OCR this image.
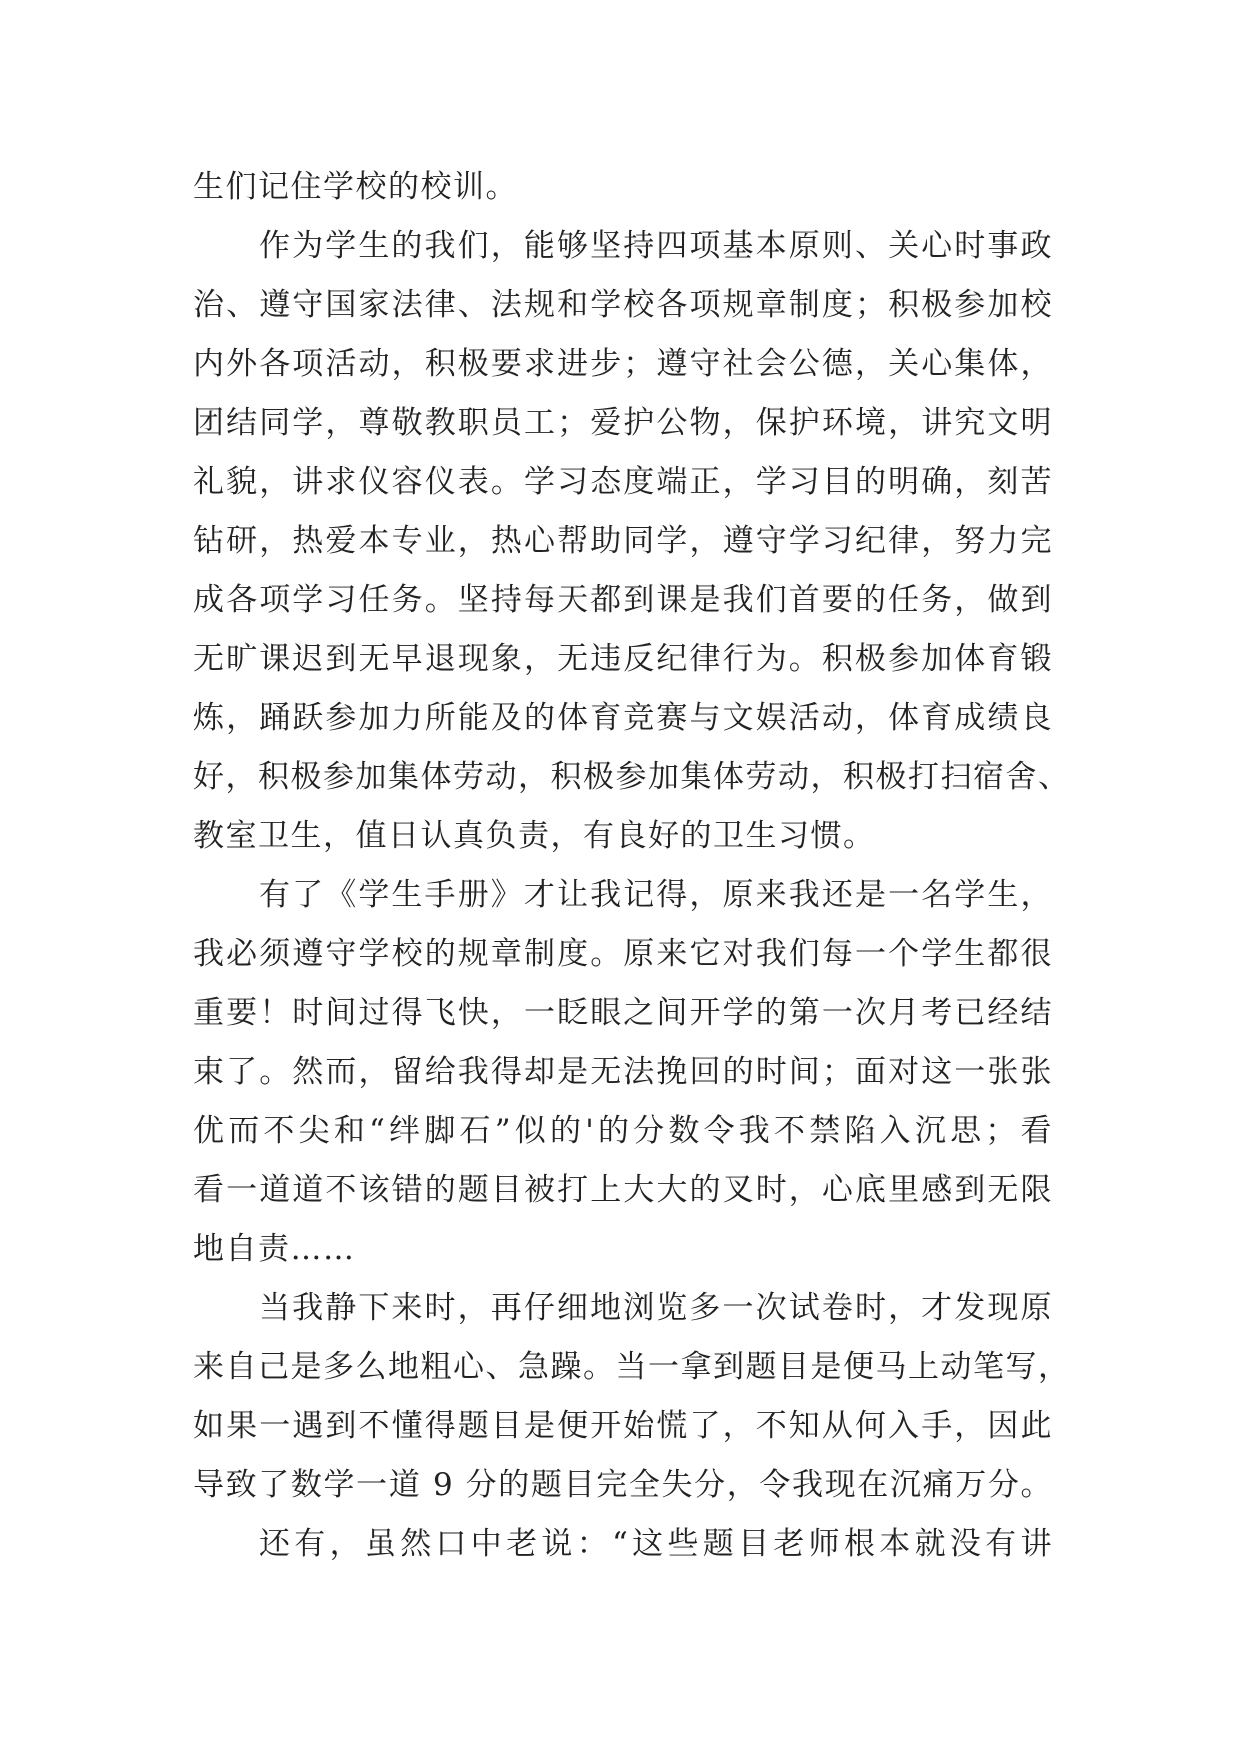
生们记住学校的校训。
作为学生的我们，能够坚持四项基本原则、关心时事政
治、遵守国家法律、法规和学校各项规章制度；积极参加校
内外各项活动，积极要求进步；遵守社会公德，关心集体，
团结同学，尊敬教职员工；爱护公物，保护环境，讲究文明
礼貌，讲求仪容仪表。学习态度端正，学习目的明确，刻苦
钻研，热爱本专业，热心帮助同学，遵守学习纪律，努力完
成各项学习任务。坚持每天都到课是我们首要的任务，做到
无旷课迟到无早退现象，无违反纪律行为。积极参加体育锻
炼，踊跃参加力所能及的体育竞赛与文娱活动，体育成绩良
好，积极参加集体劳动，积极参加集体劳动，积极打扫宿舍、
教室卫生，值日认真负责，有良好的卫生习惯。
有了《学生手册》才让我记得，原来我还是一名学生，
我必须遵守学校的规章制度。原来它对我们每一个学生都很
重要！时间过得飞快，一眨眼之间开学的第一次月考已经结
束了。然而，留给我得却是无法挽回的时间；面对这一张张
优而不尖和“绊脚石”似的'的分数令我不禁陷入沉思；看
看一道道不该错的题目被打上大大的叉时，心底里感到无限
地自责……
当我静下来时，再仔细地浏览多一次试卷时，才发现原
来自己是多么地粗心、急躁。当一拿到题目是便马上动笔写，
如果一遇到不懂得题目是便开始慌了，不知从何入手，因此
导致了数学一道 9 分的题目完全失分，令我现在沉痛万分。
还有，虽然口中老说：“这些题目老师根本就没有讲
